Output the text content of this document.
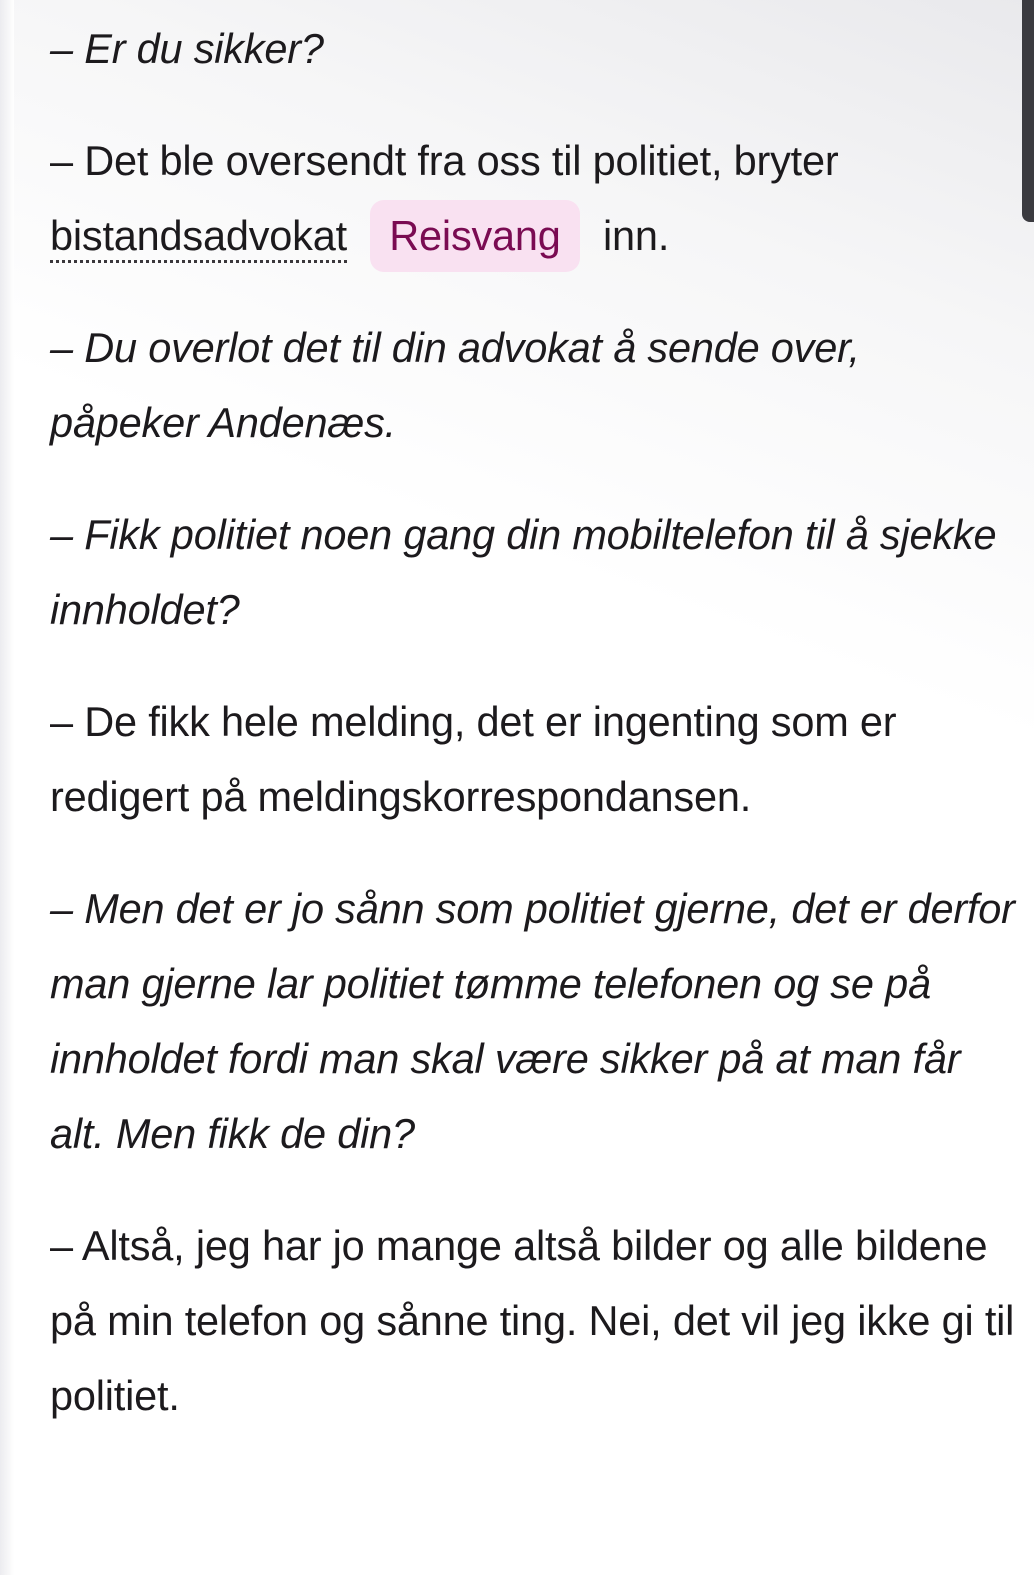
– Er du sikker?

– Det ble oversendt fra oss til politiet, bryter bistandsadvokat Reisvang inn.

– Du overlot det til din advokat å sende over, påpeker Andenæs.

– Fikk politiet noen gang din mobiltelefon til å sjekke innholdet?

– De fikk hele melding, det er ingenting som er redigert på meldingskorrespondansen.

– Men det er jo sånn som politiet gjerne, det er derfor man gjerne lar politiet tømme telefonen og se på innholdet fordi man skal være sikker på at man får alt. Men fikk de din?

– Altså, jeg har jo mange altså bilder og alle bildene på min telefon og sånne ting. Nei, det vil jeg ikke gi til politiet.
